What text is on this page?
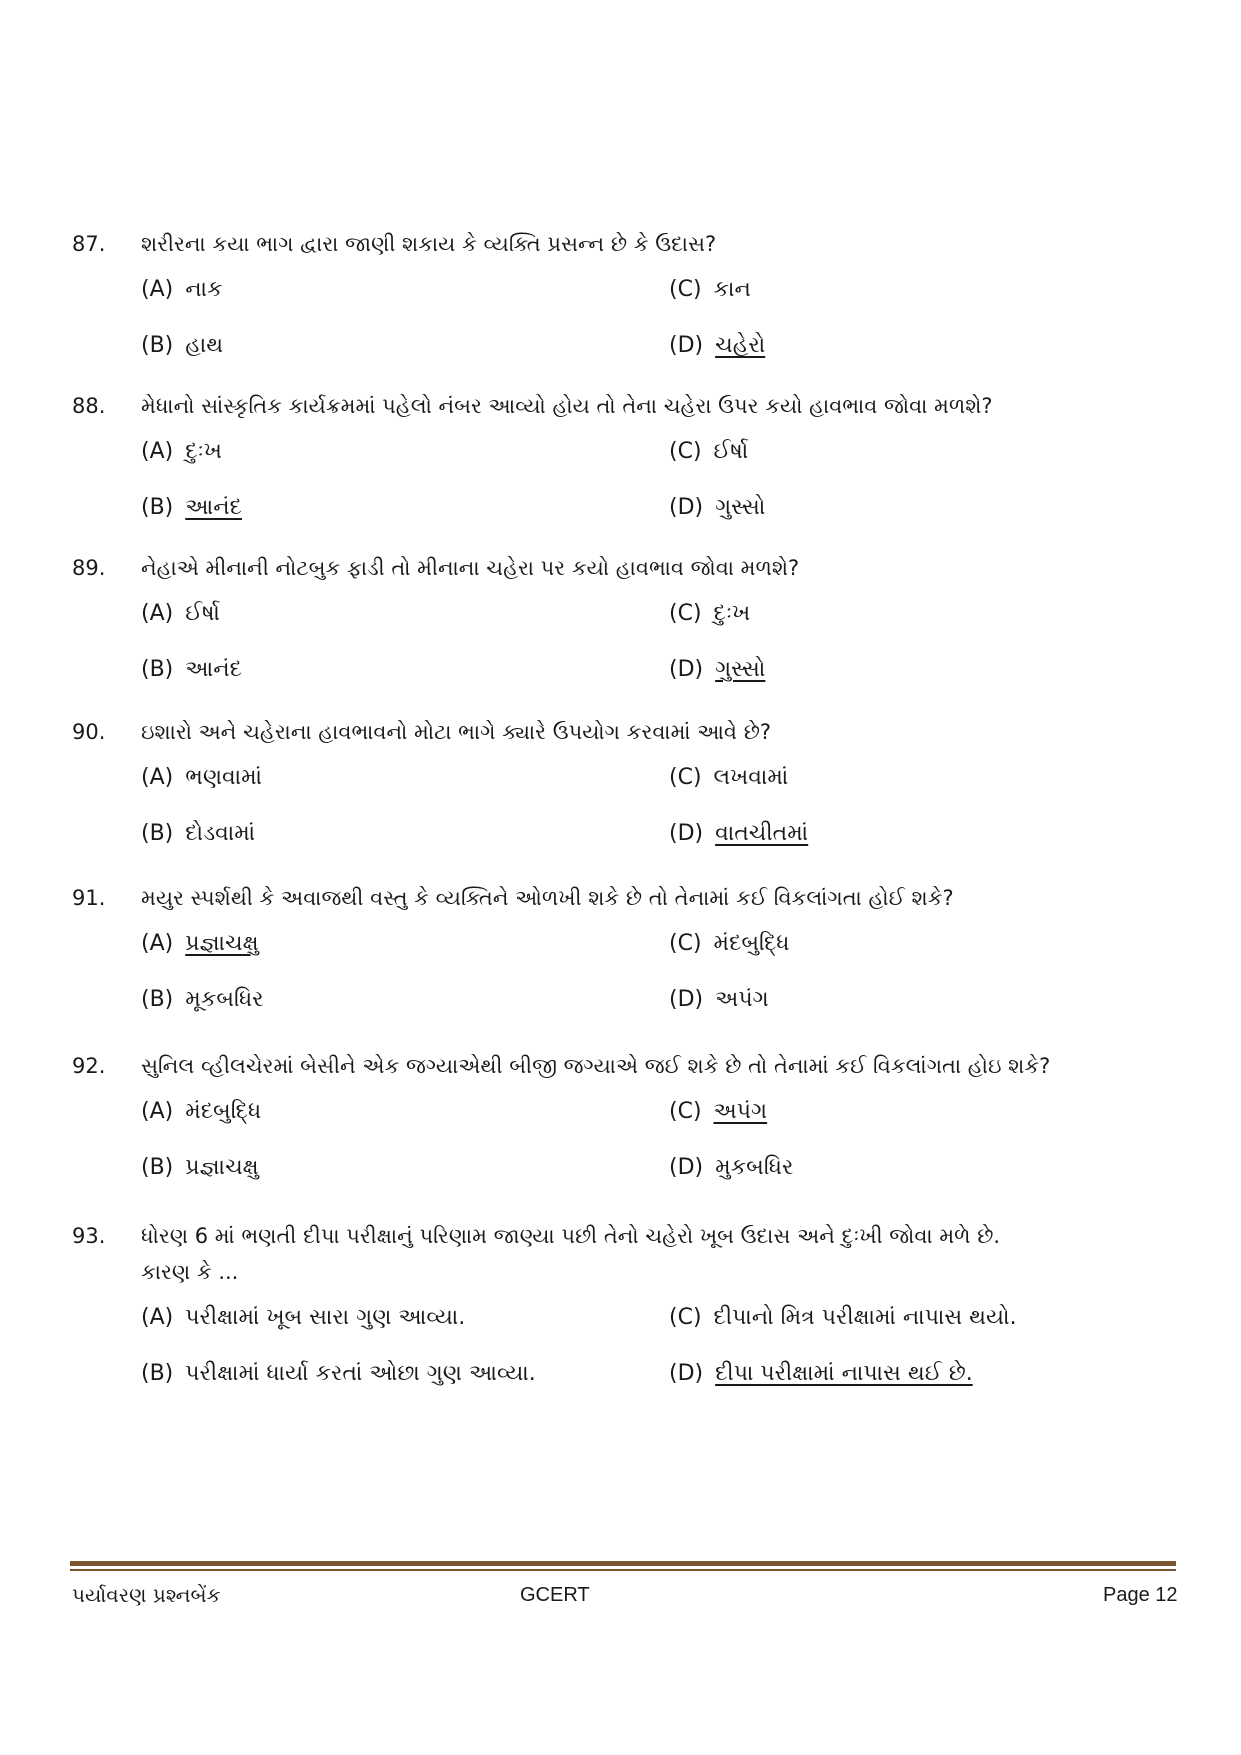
87.	શરીરના કયા ભાગ દ્વારા જાણી શકાય કે વ્યક્તિ પ્રસન્ન છે કે ઉદાસ?
(A) નાક	(C) કાન
(B) હાથ	(D) ચહેરો
88.	મેધાનો સાંસ્કૃતિક કાર્યક્રમમાં પહેલો નંબર આવ્યો હોય તો તેના ચહેરા ઉપર કયો હાવભાવ જોવા મળશે?
(A) દુઃખ	(C) ઈર્ષા
(B) આનંદ	(D) ગુસ્સો
89.	નેહાએ મીનાની નોટબુક ફાડી તો મીનાના ચહેરા પર કયો હાવભાવ જોવા મળશે?
(A) ઈર્ષા	(C) દુઃખ
(B) આનંદ	(D) ગુસ્સો
90.	ઇશારો અને ચહેરાના હાવભાવનો મોટા ભાગે ક્યારે ઉપયોગ કરવામાં આવે છે?
(A) ભણવામાં	(C) લખવામાં
(B) દોડવામાં	(D) વાતચીતમાં
91.	મયુર સ્પર્શથી કે અવાજથી વસ્તુ કે વ્યક્તિને ઓળખી શકે છે તો તેનામાં કઈ વિકલાંગતા હોઈ શકે?
(A) પ્રજ્ઞાચક્ષુ	(C) મંદબુદ્ધિ
(B) મૂકબધિર	(D) અપંગ
92.	સુનિલ વ્હીલચેરમાં બેસીને એક જગ્યાએથી બીજી જગ્યાએ જઈ શકે છે તો તેનામાં કઈ વિકલાંગતા હોઇ શકે?
(A) મંદબુદ્ધિ	(C) અપંગ
(B) પ્રજ્ઞાચક્ષુ	(D) મુકબધિર
93.	ધોરણ 6 માં ભણતી દીપા પરીક્ષાનું પરિણામ જાણ્યા પછી તેનો ચહેરો ખૂબ ઉદાસ અને દુઃખી જોવા મળે છે.
કારણ કે ...
(A) પરીક્ષામાં ખૂબ સારા ગુણ આવ્યા.	(C) દીપાનો મિત્ર પરીક્ષામાં નાપાસ થયો.
(B) પરીક્ષામાં ધાર્યા કરતાં ઓછા ગુણ આવ્યા.	(D) દીપા પરીક્ષામાં નાપાસ થઈ છે.
પર્યાવરણ પ્રશ્નબેંક	GCERT	Page 12
